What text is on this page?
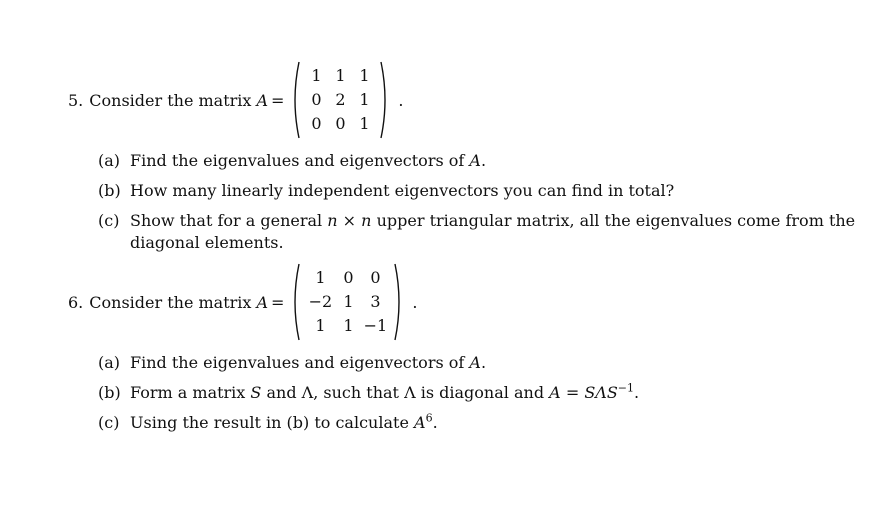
5. Consider the matrix A =
1 1 1
0 2 1
0 0 1
.
(a) Find the eigenvalues and eigenvectors of A.
(b) How many linearly independent eigenvectors you can find in total?
(c) Show that for a general n × n upper triangular matrix, all the eigenvalues come from the diagonal elements.
6. Consider the matrix A =
1	0	0
−2 1	3
1	1 −1
.
(a) Find the eigenvalues and eigenvectors of A.
(b) Form a matrix S and Λ, such that Λ is diagonal and $A = S\Lambda S^{-1}$.
(c) Using the result in (b) to calculate $A^6$.
